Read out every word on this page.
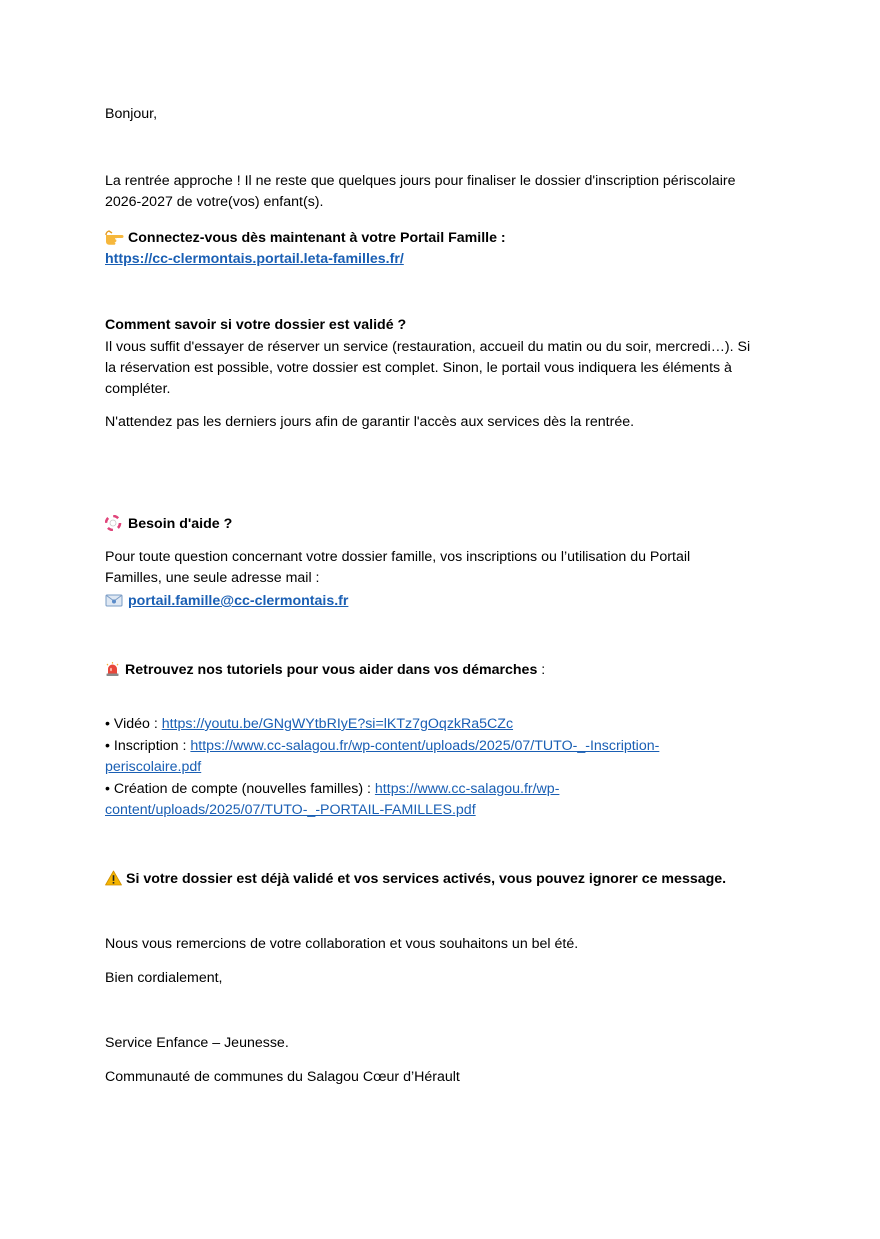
Bonjour,
La rentrée approche ! Il ne reste que quelques jours pour finaliser le dossier d'inscription périscolaire
2026-2027 de votre(vos) enfant(s).
Connectez-vous dès maintenant à votre Portail Famille :
https://cc-clermontais.portail.leta-familles.fr/
Comment savoir si votre dossier est validé ?
Il vous suffit d'essayer de réserver un service (restauration, accueil du matin ou du soir, mercredi…). Si
la réservation est possible, votre dossier est complet. Sinon, le portail vous indiquera les éléments à
compléter.
N'attendez pas les derniers jours afin de garantir l'accès aux services dès la rentrée.
Besoin d'aide ?
Pour toute question concernant votre dossier famille, vos inscriptions ou l’utilisation du Portail
Familles, une seule adresse mail :
portail.famille@cc-clermontais.fr
Retrouvez nos tutoriels pour vous aider dans vos démarches :
• Vidéo : https://youtu.be/GNgWYtbRIyE?si=lKTz7gOqzkRa5CZc
• Inscription : https://www.cc-salagou.fr/wp-content/uploads/2025/07/TUTO-_-Inscription-
periscolaire.pdf
• Création de compte (nouvelles familles) : https://www.cc-salagou.fr/wp-
content/uploads/2025/07/TUTO-_-PORTAIL-FAMILLES.pdf
Si votre dossier est déjà validé et vos services activés, vous pouvez ignorer ce message.
Nous vous remercions de votre collaboration et vous souhaitons un bel été.
Bien cordialement,
Service Enfance – Jeunesse.
Communauté de communes du Salagou Cœur d’Hérault
